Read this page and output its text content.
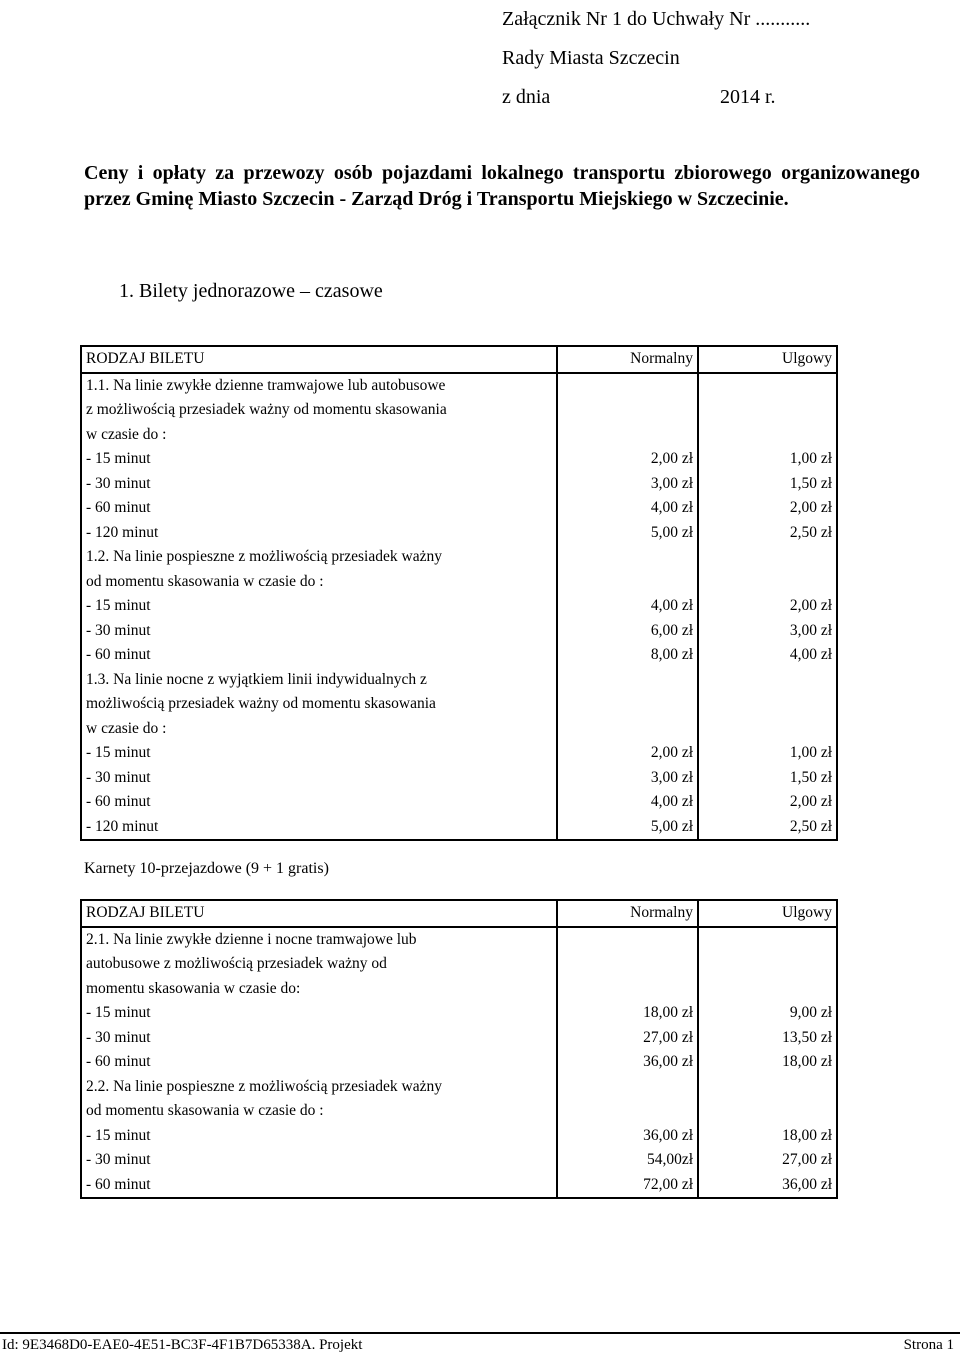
Załącznik Nr 1 do Uchwały Nr ...........
Rady Miasta Szczecin
z dnia	2014 r.
Ceny i opłaty za przewozy osób pojazdami lokalnego transportu zbiorowego organizowanego przez Gminę Miasto Szczecin - Zarząd Dróg i Transportu Miejskiego w Szczecinie.
1. Bilety jednorazowe – czasowe
RODZAJ BILETU	Normalny	Ulgowy
1.1. Na linie zwykłe dzienne tramwajowe lub autobusowe		
z możliwością przesiadek ważny od momentu skasowania		
w czasie do :		
- 15 minut	2,00 zł	1,00 zł
- 30 minut	3,00 zł	1,50 zł
- 60 minut	4,00 zł	2,00 zł
- 120 minut	5,00 zł	2,50 zł
1.2. Na linie pospieszne z możliwością przesiadek ważny		
od momentu skasowania w czasie do :		
- 15 minut	4,00 zł	2,00 zł
- 30 minut	6,00 zł	3,00 zł
- 60 minut	8,00 zł	4,00 zł
1.3. Na linie nocne z wyjątkiem linii indywidualnych z		
możliwością przesiadek ważny od momentu skasowania		
w czasie do :		
- 15 minut	2,00 zł	1,00 zł
- 30 minut	3,00 zł	1,50 zł
- 60 minut	4,00 zł	2,00 zł
- 120 minut	5,00 zł	2,50 zł
Karnety 10-przejazdowe (9 + 1 gratis)
RODZAJ BILETU	Normalny	Ulgowy
2.1. Na linie zwykłe dzienne i nocne tramwajowe lub		
autobusowe z możliwością przesiadek ważny od		
momentu skasowania w czasie do:		
- 15 minut	18,00 zł	9,00 zł
- 30 minut	27,00 zł	13,50 zł
- 60 minut	36,00 zł	18,00 zł
2.2. Na linie pospieszne z możliwością przesiadek ważny		
od momentu skasowania w czasie do :		
- 15 minut	36,00 zł	18,00 zł
- 30 minut	54,00zł	27,00 zł
- 60 minut	72,00 zł	36,00 zł
Id: 9E3468D0-EAE0-4E51-BC3F-4F1B7D65338A. Projekt	Strona 1
